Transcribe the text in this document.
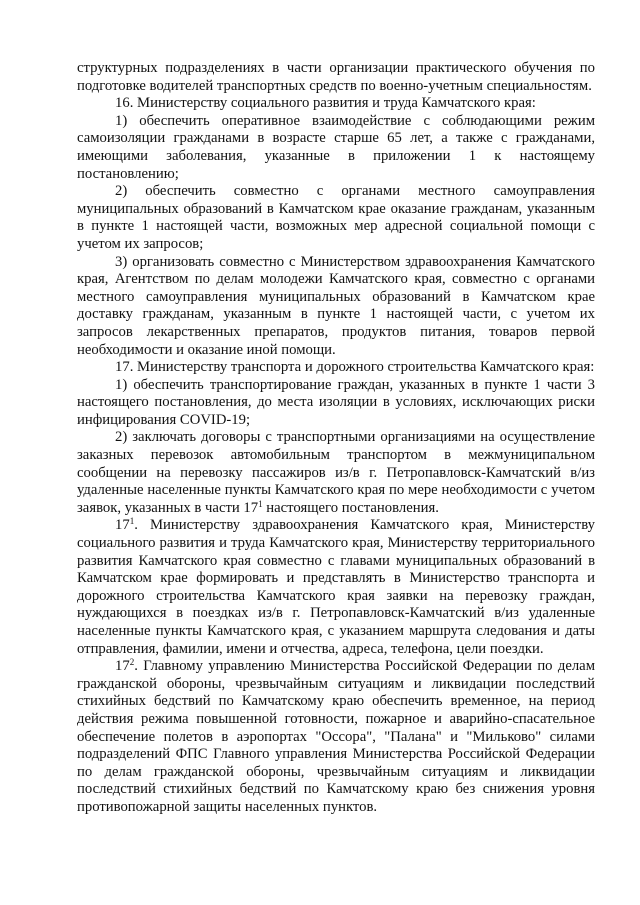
структурных подразделениях в части организации практического обучения по подготовке водителей транспортных средств по военно-учетным специальностям.

16. Министерству социального развития и труда Камчатского края:

1) обеспечить оперативное взаимодействие с соблюдающими режим самоизоляции гражданами в возрасте старше 65 лет, а также с гражданами, имеющими заболевания, указанные в приложении 1 к настоящему постановлению;

2) обеспечить совместно с органами местного самоуправления муниципальных образований в Камчатском крае оказание гражданам, указанным в пункте 1 настоящей части, возможных мер адресной социальной помощи с учетом их запросов;

3) организовать совместно с Министерством здравоохранения Камчатского края, Агентством по делам молодежи Камчатского края, совместно с органами местного самоуправления муниципальных образований в Камчатском крае доставку гражданам, указанным в пункте 1 настоящей части, с учетом их запросов лекарственных препаратов, продуктов питания, товаров первой необходимости и оказание иной помощи.

17. Министерству транспорта и дорожного строительства Камчатского края:

1) обеспечить транспортирование граждан, указанных в пункте 1 части 3 настоящего постановления, до места изоляции в условиях, исключающих риски инфицирования COVID-19;

2) заключать договоры с транспортными организациями на осуществление заказных перевозок автомобильным транспортом в межмуниципальном сообщении на перевозку пассажиров из/в г. Петропавловск-Камчатский в/из удаленные населенные пункты Камчатского края по мере необходимости с учетом заявок, указанных в части $17^1$ настоящего постановления.

$17^1$. Министерству здравоохранения Камчатского края, Министерству социального развития и труда Камчатского края, Министерству территориального развития Камчатского края совместно с главами муниципальных образований в Камчатском крае формировать и представлять в Министерство транспорта и дорожного строительства Камчатского края заявки на перевозку граждан, нуждающихся в поездках из/в г. Петропавловск-Камчатский в/из удаленные населенные пункты Камчатского края, с указанием маршрута следования и даты отправления, фамилии, имени и отчества, адреса, телефона, цели поездки.

$17^2$. Главному управлению Министерства Российской Федерации по делам гражданской обороны, чрезвычайным ситуациям и ликвидации последствий стихийных бедствий по Камчатскому краю обеспечить временное, на период действия режима повышенной готовности, пожарное и аварийно-спасательное обеспечение полетов в аэропортах "Оссора", "Палана" и "Мильково" силами подразделений ФПС Главного управления Министерства Российской Федерации по делам гражданской обороны, чрезвычайным ситуациям и ликвидации последствий стихийных бедствий по Камчатскому краю без снижения уровня противопожарной защиты населенных пунктов.
